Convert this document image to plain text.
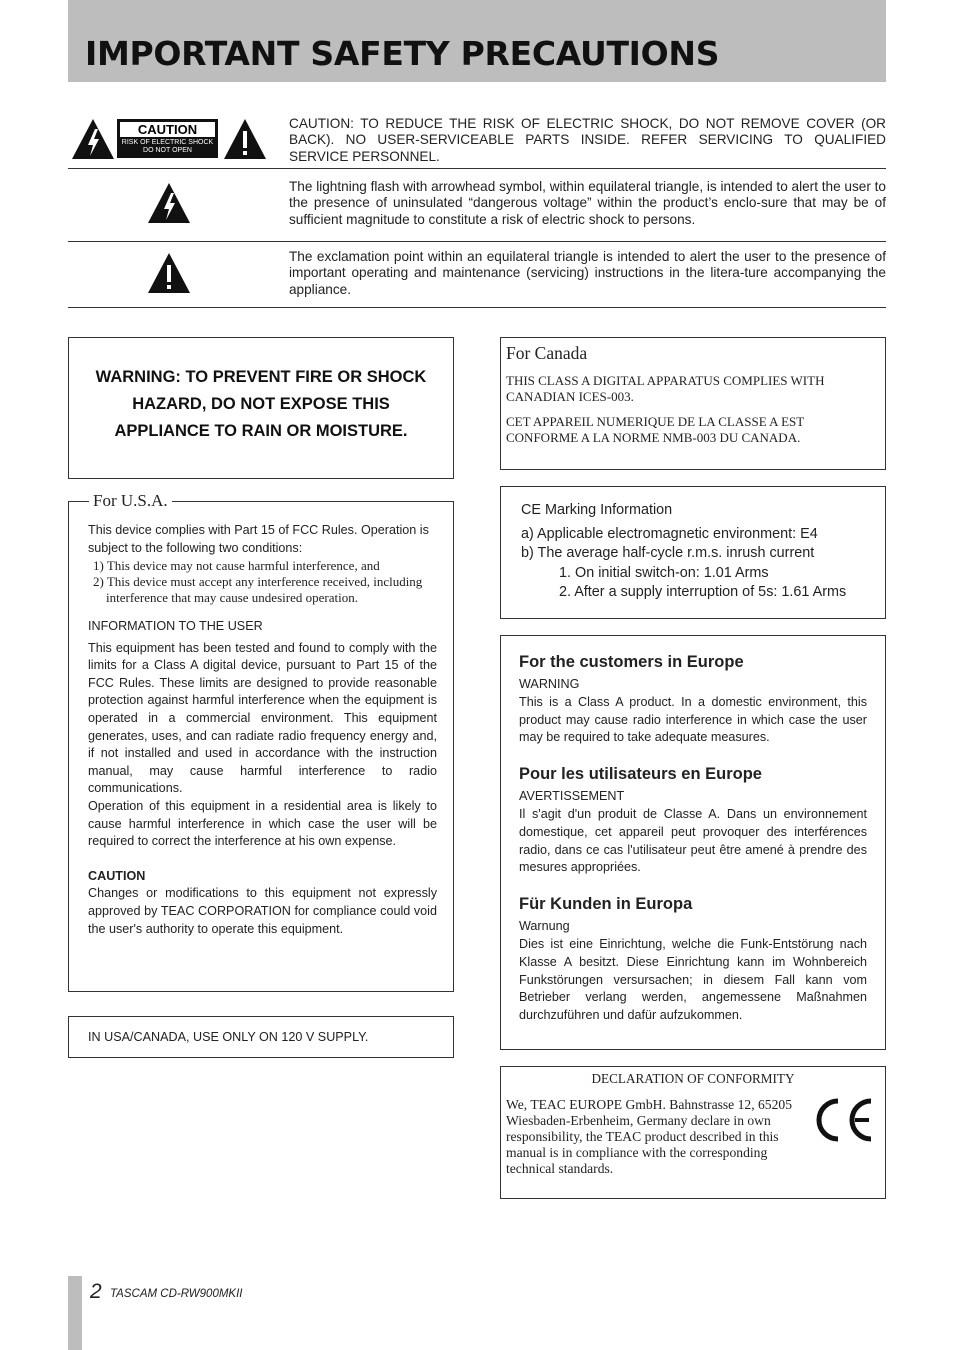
IMPORTANT SAFETY PRECAUTIONS
CAUTION
RISK OF ELECTRIC SHOCK
DO NOT OPEN
CAUTION: TO REDUCE THE RISK OF ELECTRIC SHOCK, DO NOT REMOVE COVER (OR BACK). NO USER-SERVICEABLE PARTS INSIDE. REFER SERVICING TO QUALIFIED SERVICE PERSONNEL.
The lightning flash with arrowhead symbol, within equilateral triangle, is intended to alert the user to the presence of uninsulated “dangerous voltage” within the product’s enclo-sure that may be of sufficient magnitude to constitute a risk of electric shock to persons.
The exclamation point within an equilateral triangle is intended to alert the user to the presence of important operating and maintenance (servicing) instructions in the litera-ture accompanying the appliance.
WARNING: TO PREVENT FIRE OR SHOCK HAZARD, DO NOT EXPOSE THIS APPLIANCE TO RAIN OR MOISTURE.
For U.S.A.

This device complies with Part 15 of FCC Rules. Operation is subject to the following two conditions:

1) This device may not cause harmful interference, and

2) This device must accept any interference received, including interference that may cause undesired operation.

INFORMATION TO THE USER

This equipment has been tested and found to comply with the limits for a Class A digital device, pursuant to Part 15 of the FCC Rules. These limits are designed to provide reasonable protection against harmful interference when the equipment is operated in a commercial environment. This equipment generates, uses, and can radiate radio frequency energy and, if not installed and used in accordance with the instruction manual, may cause harmful interference to radio communications.

Operation of this equipment in a residential area is likely to cause harmful interference in which case the user will be required to correct the interference at his own expense.

CAUTION

Changes or modifications to this equipment not expressly approved by TEAC CORPORATION for compliance could void the user's authority to operate this equipment.

IN USA/CANADA, USE ONLY ON 120 V SUPPLY.
For Canada
THIS CLASS A DIGITAL APPARATUS COMPLIES WITH CANADIAN ICES-003.
CET APPAREIL NUMERIQUE DE LA CLASSE A EST CONFORME A LA NORME NMB-003 DU CANADA.
CE Marking Information
a) Applicable electromagnetic environment: E4
b) The average half-cycle r.m.s. inrush current
1. On initial switch-on: 1.01 Arms
2. After a supply interruption of 5s: 1.61 Arms

For the customers in Europe

WARNING

This is a Class A product. In a domestic environment, this product may cause radio interference in which case the user may be required to take adequate measures.

Pour les utilisateurs en Europe

AVERTISSEMENT

Il s'agit d'un produit de Classe A. Dans un environnement domestique, cet appareil peut provoquer des interférences radio, dans ce cas l'utilisateur peut être amené à prendre des mesures appropriées.

Für Kunden in Europa

Warnung

Dies ist eine Einrichtung, welche die Funk-Entstörung nach Klasse A besitzt. Diese Einrichtung kann im Wohnbereich Funkstörungen versursachen; in diesem Fall kann vom Betrieber verlang werden, angemessene Maßnahmen durchzuführen und dafür aufzukommen.

DECLARATION OF CONFORMITY
We, TEAC EUROPE GmbH. Bahnstrasse 12, 65205 Wiesbaden-Erbenheim, Germany declare in own responsibility, the TEAC product described in this manual is in compliance with the corresponding technical standards.
2 TASCAM CD-RW900MKII
